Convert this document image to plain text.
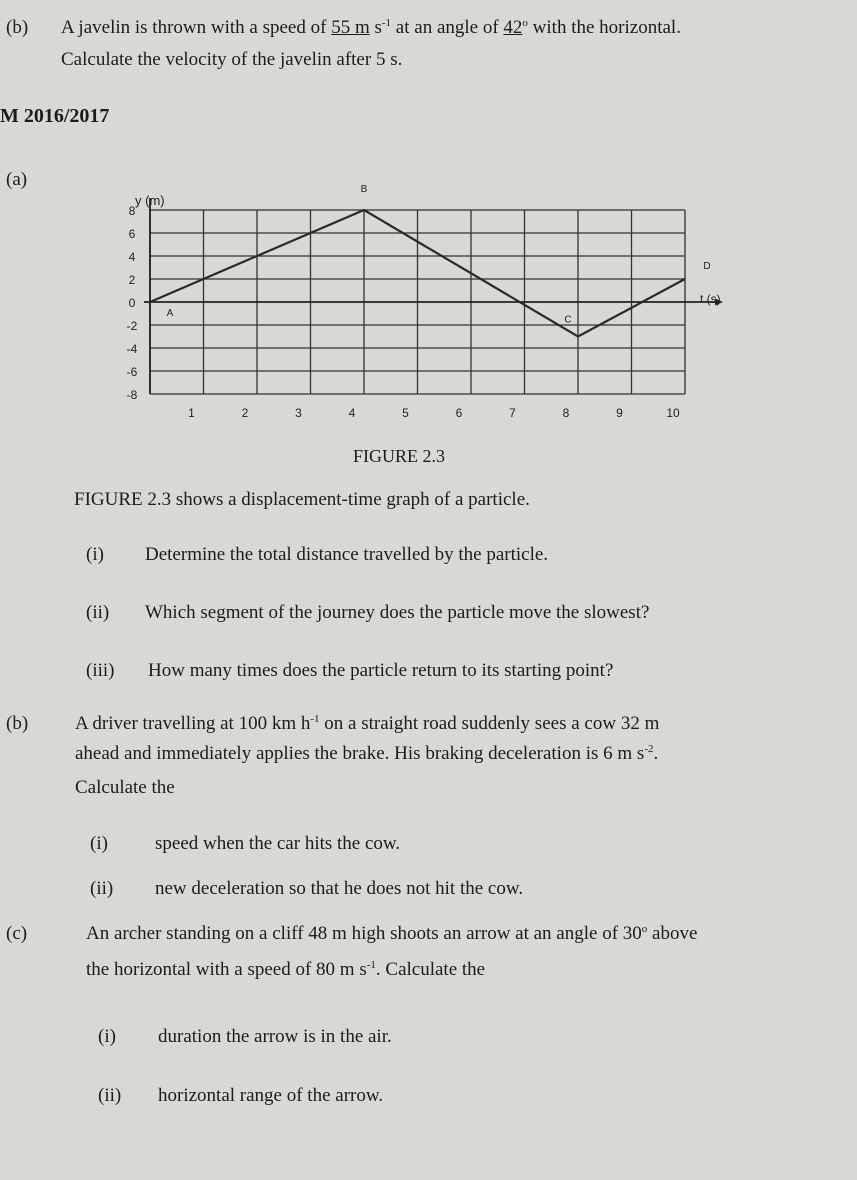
(b) A javelin is thrown with a speed of 55 m $s^{-1}$ at an angle of 42$^o$ with the horizontal.
Calculate the velocity of the javelin after 5 s.
M 2016/2017
(a)
8
6
4
2
0
-2
-4
-6
-8
1	2	3	4	5	6	7	8	9	10
A
B
C
D
y (m)
t (s)
FIGURE 2.3
FIGURE 2.3 shows a displacement-time graph of a particle.
(i) Determine the total distance travelled by the particle.
(ii) Which segment of the journey does the particle move the slowest?
(iii) How many times does the particle return to its starting point?
(b) A driver travelling at 100 km $h^{-1}$ on a straight road suddenly sees a cow 32 m
ahead and immediately applies the brake. His braking deceleration is 6 m $s^{-2}$.
Calculate the
(i) speed when the car hits the cow.
(ii) new deceleration so that he does not hit the cow.
(c)	An archer standing on a cliff 48 m high shoots an arrow at an angle of 30$^o$ above
the horizontal with a speed of 80 m $s^{-1}$. Calculate the
(i) duration the arrow is in the air.
(ii) horizontal range of the arrow.
